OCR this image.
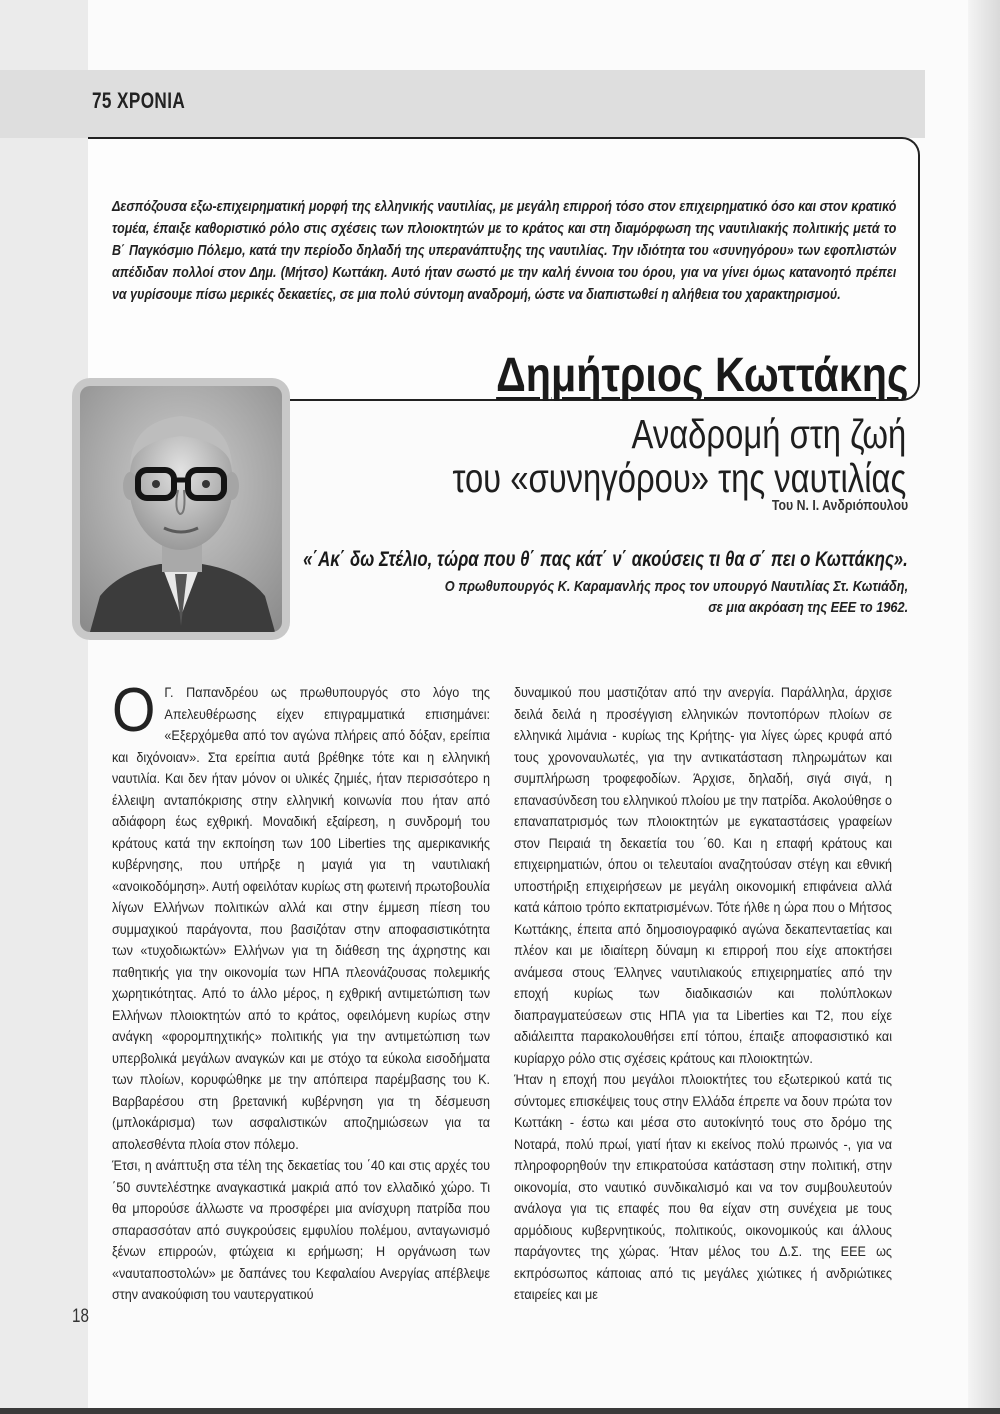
75 ΧΡΟΝΙΑ
Δεσπόζουσα εξω-επιχειρηματική μορφή της ελληνικής ναυτιλίας, με μεγάλη επιρροή τόσο στον επιχειρηματικό όσο και στον κρατικό τομέα, έπαιξε καθοριστικό ρόλο στις σχέσεις των πλοιοκτητών με το κράτος και στη διαμόρφωση της ναυτιλιακής πολιτικής μετά το Β΄ Παγκόσμιο Πόλεμο, κατά την περίοδο δηλαδή της υπερανάπτυξης της ναυτιλίας. Την ιδιότητα του «συνηγόρου» των εφοπλιστών απέδιδαν πολλοί στον Δημ. (Μήτσο) Κωττάκη. Αυτό ήταν σωστό με την καλή έννοια του όρου, για να γίνει όμως κατανοητό πρέπει να γυρίσουμε πίσω μερικές δεκαετίες, σε μια πολύ σύντομη αναδρομή, ώστε να διαπιστωθεί η αλήθεια του χαρακτηρισμού.
Δημήτριος Κωττάκης
Αναδρομή στη ζωή
του «συνηγόρου» της ναυτιλίας
Του Ν. Ι. Ανδριόπουλου
«΄Ακ΄ δω Στέλιο, τώρα που θ΄ πας κάτ΄ ν΄ ακούσεις τι θα σ΄ πει ο Κωττάκης».
Ο πρωθυπουργός Κ. Καραμανλής προς τον υπουργό Ναυτιλίας Στ. Κωτιάδη,
σε μια ακρόαση της ΕΕΕ το 1962.

Ο Γ. Παπανδρέου ως πρωθυπουργός στο λόγο της Απελευθέρωσης είχεν επιγραμματικά επισημάνει: «Εξερχόμεθα από τον αγώνα πλήρεις από δόξαν, ερείπια και διχόνοιαν». Στα ερείπια αυτά βρέθηκε τότε και η ελληνική ναυτιλία. Και δεν ήταν μόνον οι υλικές ζημιές, ήταν περισσότερο η έλλειψη ανταπόκρισης στην ελληνική κοινωνία που ήταν από αδιάφορη έως εχθρική. Μοναδική εξαίρεση, η συνδρομή του κράτους κατά την εκποίηση των 100 Liberties της αμερικανικής κυβέρνησης, που υπήρξε η μαγιά για τη ναυτιλιακή «ανοικοδόμηση». Αυτή οφειλόταν κυρίως στη φωτεινή πρωτοβουλία λίγων Ελλήνων πολιτικών αλλά και στην έμμεση πίεση του συμμαχικού παράγοντα, που βασιζόταν στην αποφασιστικότητα των «τυχοδιωκτών» Ελλήνων για τη διάθεση της άχρηστης και παθητικής για την οικονομία των ΗΠΑ πλεονάζουσας πολεμικής χωρητικότητας. Από το άλλο μέρος, η εχθρική αντιμετώπιση των Ελλήνων πλοιοκτητών από το κράτος, οφειλόμενη κυρίως στην ανάγκη «φορομπηχτικής» πολιτικής για την αντιμετώπιση των υπερβολικά μεγάλων αναγκών και με στόχο τα εύκολα εισοδήματα των πλοίων, κορυφώθηκε με την απόπειρα παρέμβασης του Κ. Βαρβαρέσου στη βρετανική κυβέρνηση για τη δέσμευση (μπλοκάρισμα) των ασφαλιστικών αποζημιώσεων για τα απολεσθέντα πλοία στον πόλεμο.

Έτσι, η ανάπτυξη στα τέλη της δεκαετίας του ΄40 και στις αρχές του ΄50 συντελέστηκε αναγκαστικά μακριά από τον ελλαδικό χώρο. Τι θα μπορούσε άλλωστε να προσφέρει μια ανίσχυρη πατρίδα που σπαρασσόταν από συγκρούσεις εμφυλίου πολέμου, ανταγωνισμό ξένων επιρροών, φτώχεια κι ερήμωση; Η οργάνωση των «ναυταποστολών» με δαπάνες του Κεφαλαίου Ανεργίας απέβλεψε στην ανακούφιση του ναυτεργατικού

δυναμικού που μαστιζόταν από την ανεργία. Παράλληλα, άρχισε δειλά δειλά η προσέγγιση ελληνικών ποντοπόρων πλοίων σε ελληνικά λιμάνια - κυρίως της Κρήτης- για λίγες ώρες κρυφά από τους χρονοναυλωτές, για την αντικατάσταση πληρωμάτων και συμπλήρωση τροφεφοδίων. Άρχισε, δηλαδή, σιγά σιγά, η επανασύνδεση του ελληνικού πλοίου με την πατρίδα. Ακολούθησε ο επαναπατρισμός των πλοιοκτητών με εγκαταστάσεις γραφείων στον Πειραιά τη δεκαετία του ΄60. Και η επαφή κράτους και επιχειρηματιών, όπου οι τελευταίοι αναζητούσαν στέγη και εθνική υποστήριξη επιχειρήσεων με μεγάλη οικονομική επιφάνεια αλλά κατά κάποιο τρόπο εκπατρισμένων. Τότε ήλθε η ώρα που ο Μήτσος Κωττάκης, έπειτα από δημοσιογραφικό αγώνα δεκαπενταετίας και πλέον και με ιδιαίτερη δύναμη κι επιρροή που είχε αποκτήσει ανάμεσα στους Έλληνες ναυτιλιακούς επιχειρηματίες από την εποχή κυρίως των διαδικασιών και πολύπλοκων διαπραγματεύσεων στις ΗΠΑ για τα Liberties και Τ2, που είχε αδιάλειπτα παρακολουθήσει επί τόπου, έπαιξε αποφασιστικό και κυρίαρχο ρόλο στις σχέσεις κράτους και πλοιοκτητών.

Ήταν η εποχή που μεγάλοι πλοιοκτήτες του εξωτερικού κατά τις σύντομες επισκέψεις τους στην Ελλάδα έπρεπε να δουν πρώτα τον Κωττάκη - έστω και μέσα στο αυτοκίνητό τους στο δρόμο της Νοταρά, πολύ πρωί, γιατί ήταν κι εκείνος πολύ πρωινός -, για να πληροφορηθούν την επικρατούσα κατάσταση στην πολιτική, στην οικονομία, στο ναυτικό συνδικαλισμό και να τον συμβουλευτούν ανάλογα για τις επαφές που θα είχαν στη συνέχεια με τους αρμόδιους κυβερνητικούς, πολιτικούς, οικονομικούς και άλλους παράγοντες της χώρας. Ήταν μέλος του Δ.Σ. της ΕΕΕ ως εκπρόσωπος κάποιας από τις μεγάλες χιώτικες ή ανδριώτικες εταιρείες και με

18
